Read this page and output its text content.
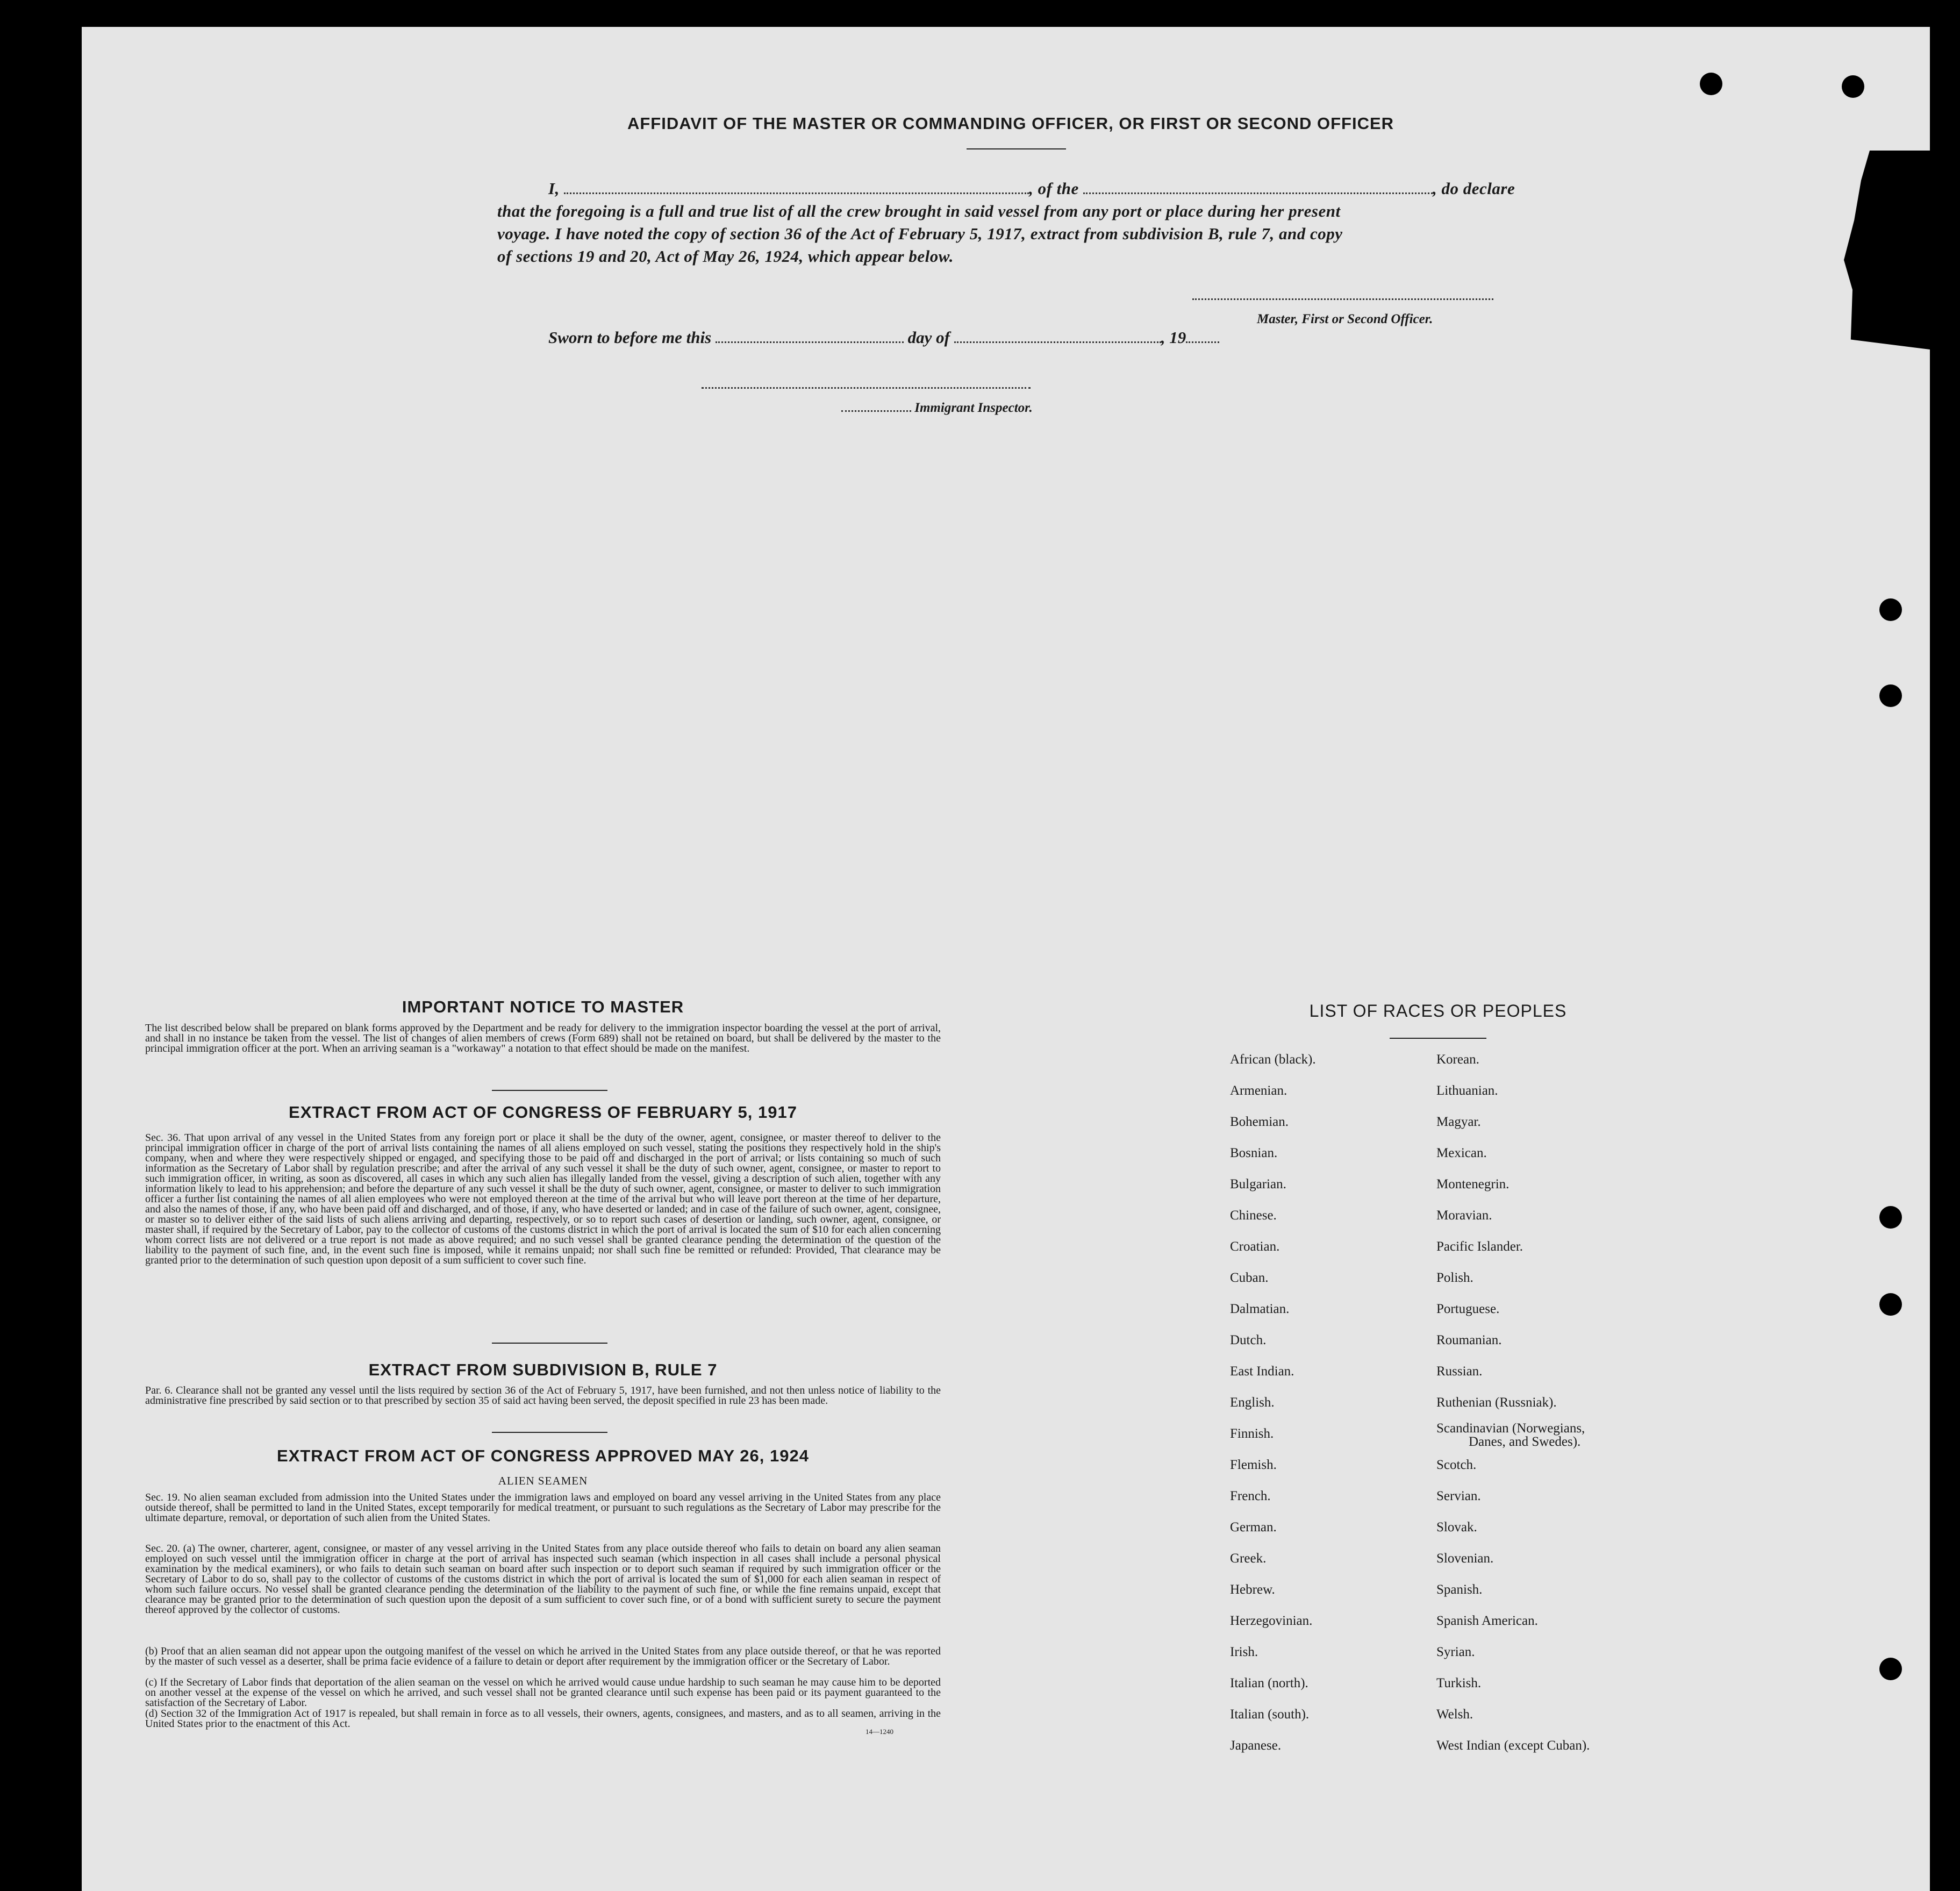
AFFIDAVIT OF THE MASTER OR COMMANDING OFFICER, OR FIRST OR SECOND OFFICER
I,	, of the	, do declare
that the foregoing is a full and true list of all the crew brought in said vessel from any port or place during her present
voyage. I have noted the copy of section 36 of the Act of February 5, 1917, extract from subdivision B, rule 7, and copy
of sections 19 and 20, Act of May 26, 1924, which appear below.
Master, First or Second Officer.
Sworn to before me this	day of	, 19
Immigrant Inspector.
IMPORTANT NOTICE TO MASTER
The list described below shall be prepared on blank forms approved by the Department and be ready for delivery to the immigration inspector boarding the vessel at the port of arrival, and shall in no instance be taken from the vessel. The list of changes of alien members of crews (Form 689) shall not be retained on board, but shall be delivered by the master to the principal immigration officer at the port. When an arriving seaman is a "workaway" a notation to that effect should be made on the manifest.
EXTRACT FROM ACT OF CONGRESS OF FEBRUARY 5, 1917
Sec. 36. That upon arrival of any vessel in the United States from any foreign port or place it shall be the duty of the owner, agent, consignee, or master thereof to deliver to the principal immigration officer in charge of the port of arrival lists containing the names of all aliens employed on such vessel, stating the positions they respectively hold in the ship's company, when and where they were respectively shipped or engaged, and specifying those to be paid off and discharged in the port of arrival; or lists containing so much of such information as the Secretary of Labor shall by regulation prescribe; and after the arrival of any such vessel it shall be the duty of such owner, agent, consignee, or master to report to such immigration officer, in writing, as soon as discovered, all cases in which any such alien has illegally landed from the vessel, giving a description of such alien, together with any information likely to lead to his apprehension; and before the departure of any such vessel it shall be the duty of such owner, agent, consignee, or master to deliver to such immigration officer a further list containing the names of all alien employees who were not employed thereon at the time of the arrival but who will leave port thereon at the time of her departure, and also the names of those, if any, who have been paid off and discharged, and of those, if any, who have deserted or landed; and in case of the failure of such owner, agent, consignee, or master so to deliver either of the said lists of such aliens arriving and departing, respectively, or so to report such cases of desertion or landing, such owner, agent, consignee, or master shall, if required by the Secretary of Labor, pay to the collector of customs of the customs district in which the port of arrival is located the sum of $10 for each alien concerning whom correct lists are not delivered or a true report is not made as above required; and no such vessel shall be granted clearance pending the determination of the question of the liability to the payment of such fine, and, in the event such fine is imposed, while it remains unpaid; nor shall such fine be remitted or refunded: Provided, That clearance may be granted prior to the determination of such question upon deposit of a sum sufficient to cover such fine.
EXTRACT FROM SUBDIVISION B, RULE 7
Par. 6. Clearance shall not be granted any vessel until the lists required by section 36 of the Act of February 5, 1917, have been furnished, and not then unless notice of liability to the administrative fine prescribed by said section or to that prescribed by section 35 of said act having been served, the deposit specified in rule 23 has been made.
EXTRACT FROM ACT OF CONGRESS APPROVED MAY 26, 1924
ALIEN SEAMEN
Sec. 19. No alien seaman excluded from admission into the United States under the immigration laws and employed on board any vessel arriving in the United States from any place outside thereof, shall be permitted to land in the United States, except temporarily for medical treatment, or pursuant to such regulations as the Secretary of Labor may prescribe for the ultimate departure, removal, or deportation of such alien from the United States.
Sec. 20. (a) The owner, charterer, agent, consignee, or master of any vessel arriving in the United States from any place outside thereof who fails to detain on board any alien seaman employed on such vessel until the immigration officer in charge at the port of arrival has inspected such seaman (which inspection in all cases shall include a personal physical examination by the medical examiners), or who fails to detain such seaman on board after such inspection or to deport such seaman if required by such immigration officer or the Secretary of Labor to do so, shall pay to the collector of customs of the customs district in which the port of arrival is located the sum of $1,000 for each alien seaman in respect of whom such failure occurs. No vessel shall be granted clearance pending the determination of the liability to the payment of such fine, or while the fine remains unpaid, except that clearance may be granted prior to the determination of such question upon the deposit of a sum sufficient to cover such fine, or of a bond with sufficient surety to secure the payment thereof approved by the collector of customs.
(b) Proof that an alien seaman did not appear upon the outgoing manifest of the vessel on which he arrived in the United States from any place outside thereof, or that he was reported by the master of such vessel as a deserter, shall be prima facie evidence of a failure to detain or deport after requirement by the immigration officer or the Secretary of Labor.
(c) If the Secretary of Labor finds that deportation of the alien seaman on the vessel on which he arrived would cause undue hardship to such seaman he may cause him to be deported on another vessel at the expense of the vessel on which he arrived, and such vessel shall not be granted clearance until such expense has been paid or its payment guaranteed to the satisfaction of the Secretary of Labor.
(d) Section 32 of the Immigration Act of 1917 is repealed, but shall remain in force as to all vessels, their owners, agents, consignees, and masters, and as to all seamen, arriving in the United States prior to the enactment of this Act.
14—1240
LIST OF RACES OR PEOPLES
African (black).
Armenian.
Bohemian.
Bosnian.
Bulgarian.
Chinese.
Croatian.
Cuban.
Dalmatian.
Dutch.
East Indian.
English.
Finnish.
Flemish.
French.
German.
Greek.
Hebrew.
Herzegovinian.
Irish.
Italian (north).
Italian (south).
Japanese.
Korean.
Lithuanian.
Magyar.
Mexican.
Montenegrin.
Moravian.
Pacific Islander.
Polish.
Portuguese.
Roumanian.
Russian.
Ruthenian (Russniak).
Scandinavian (Norwegians,
Danes, and Swedes).
Scotch.
Servian.
Slovak.
Slovenian.
Spanish.
Spanish American.
Syrian.
Turkish.
Welsh.
West Indian (except Cuban).
